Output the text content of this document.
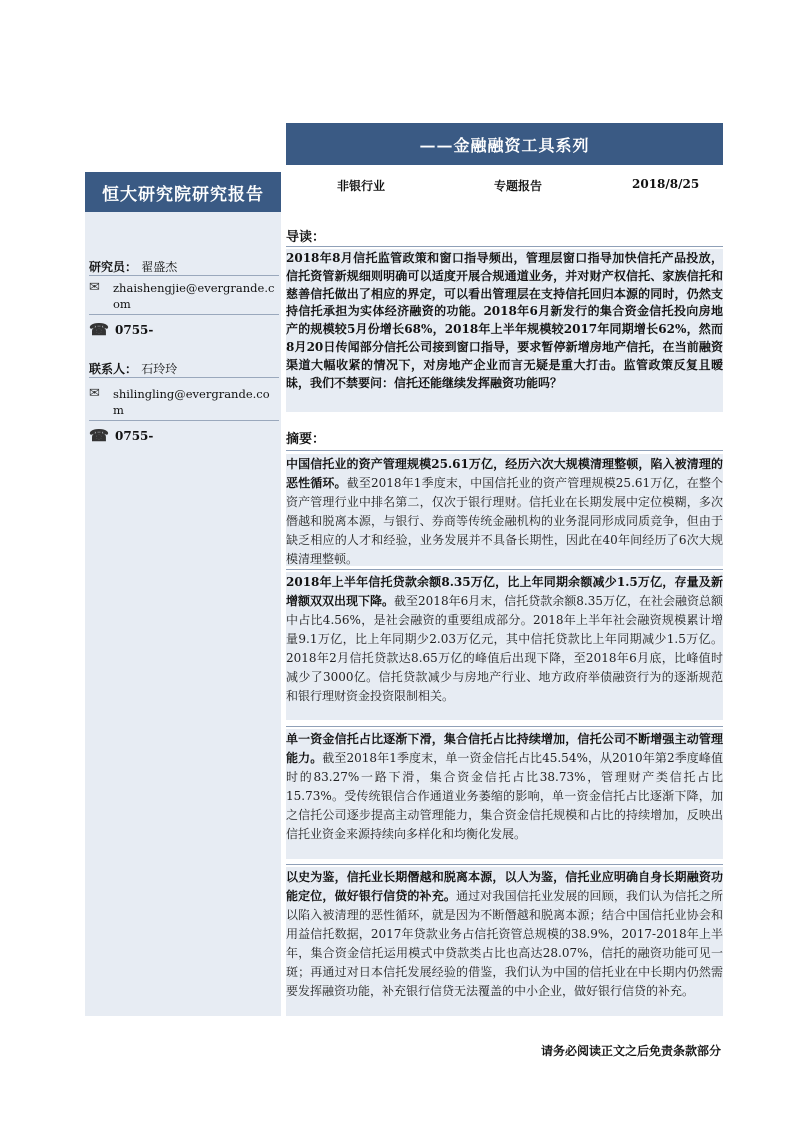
——金融融资工具系列
恒大研究院研究报告	非银行业	专题报告	2018/8/25
研究员： 翟盛杰
✉	zhaishengjie@evergrande.com
☎ 0755-
联系人： 石玲玲
✉	shilingling@evergrande.com
☎ 0755-
导读：

2018年8月信托监管政策和窗口指导频出，管理层窗口指导加快信托产品投放，信托资管新规细则明确可以适度开展合规通道业务，并对财产权信托、家族信托和慈善信托做出了相应的界定，可以看出管理层在支持信托回归本源的同时，仍然支持信托承担为实体经济融资的功能。2018年6月新发行的集合资金信托投向房地产的规模较5月份增长68%，2018年上半年规模较2017年同期增长62%，然而8月20日传闻部分信托公司接到窗口指导，要求暂停新增房地产信托，在当前融资渠道大幅收紧的情况下，对房地产企业而言无疑是重大打击。监管政策反复且暧昧，我们不禁要问：信托还能继续发挥融资功能吗？

摘要：

中国信托业的资产管理规模25.61万亿，经历六次大规模清理整顿，陷入被清理的恶性循环。截至2018年1季度末，中国信托业的资产管理规模25.61万亿，在整个资产管理行业中排名第二，仅次于银行理财。信托业在长期发展中定位模糊，多次僭越和脱离本源，与银行、券商等传统金融机构的业务混同形成同质竞争，但由于缺乏相应的人才和经验，业务发展并不具备长期性，因此在40年间经历了6次大规模清理整顿。

2018年上半年信托贷款余额8.35万亿，比上年同期余额减少1.5万亿，存量及新增额双双出现下降。截至2018年6月末，信托贷款余额8.35万亿，在社会融资总额中占比4.56%，是社会融资的重要组成部分。2018年上半年社会融资规模累计增量9.1万亿，比上年同期少2.03万亿元，其中信托贷款比上年同期减少1.5万亿。2018年2月信托贷款达8.65万亿的峰值后出现下降，至2018年6月底，比峰值时减少了3000亿。信托贷款减少与房地产行业、地方政府举债融资行为的逐渐规范和银行理财资金投资限制相关。

单一资金信托占比逐渐下滑，集合信托占比持续增加，信托公司不断增强主动管理能力。截至2018年1季度末，单一资金信托占比45.54%，从2010年第2季度峰值时的83.27%一路下滑，集合资金信托占比38.73%，管理财产类信托占比15.73%。受传统银信合作通道业务萎缩的影响，单一资金信托占比逐渐下降，加之信托公司逐步提高主动管理能力，集合资金信托规模和占比的持续增加，反映出信托业资金来源持续向多样化和均衡化发展。

以史为鉴，信托业长期僭越和脱离本源，以人为鉴，信托业应明确自身长期融资功能定位，做好银行信贷的补充。通过对我国信托业发展的回顾，我们认为信托之所以陷入被清理的恶性循环，就是因为不断僭越和脱离本源；结合中国信托业协会和用益信托数据，2017年贷款业务占信托资管总规模的38.9%，2017-2018年上半年，集合资金信托运用模式中贷款类占比也高达28.07%，信托的融资功能可见一斑；再通过对日本信托发展经验的借鉴，我们认为中国的信托业在中长期内仍然需要发挥融资功能，补充银行信贷无法覆盖的中小企业，做好银行信贷的补充。

请务必阅读正文之后免责条款部分
